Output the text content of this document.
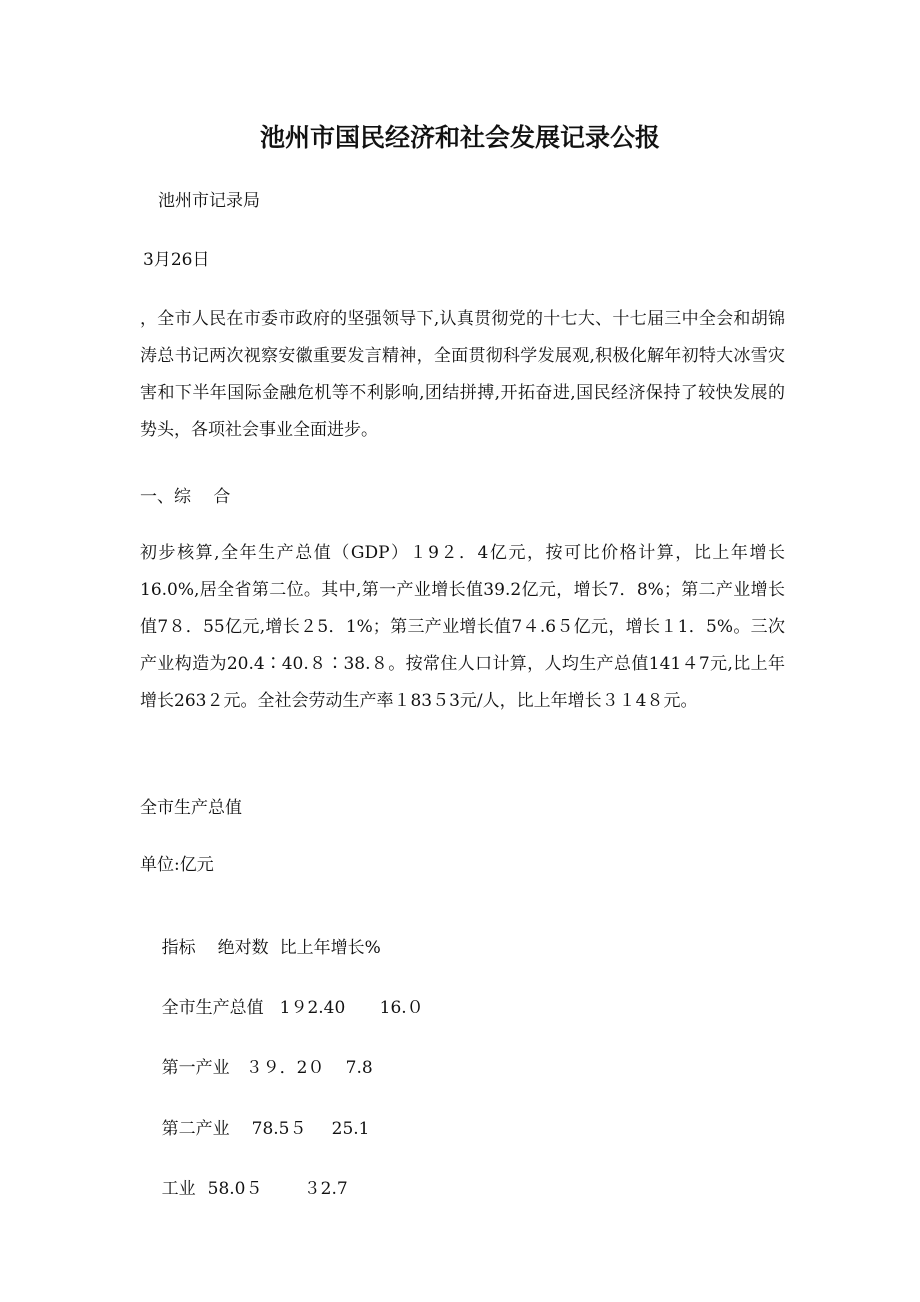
池州市国民经济和社会发展记录公报

池州市记录局

3月26日

，全市人民在市委市政府的坚强领导下,认真贯彻党的十七大、十七届三中全会和胡锦涛总书记两次视察安徽重要发言精神，全面贯彻科学发展观,积极化解年初特大冰雪灾害和下半年国际金融危机等不利影响,团结拼搏,开拓奋进,国民经济保持了较快发展的势头，各项社会事业全面进步。

一、综　 合

初步核算,全年生产总值（GDP）１9２．4亿元，按可比价格计算，比上年增长16.0%,居全省第二位。其中,第一产业增长值39.2亿元，增长7．8%；第二产业增长值7８．55亿元,增长２5．1%；第三产业增长值7４.6５亿元，增长１1．5%。三次产业构造为20.4∶40.８∶38.８。按常住人口计算，人均生产总值141４7元,比上年增长263２元。全社会劳动生产率１83５3元/人，比上年增长３１4８元。

全市生产总值

单位:亿元

指标 绝对数 比上年增长%

全市生产总值 1９2.40 16.０

第一产业 ３９．2０ 7.8

第二产业 78.5５ 25.1

工业 58.0５ ３2.7
